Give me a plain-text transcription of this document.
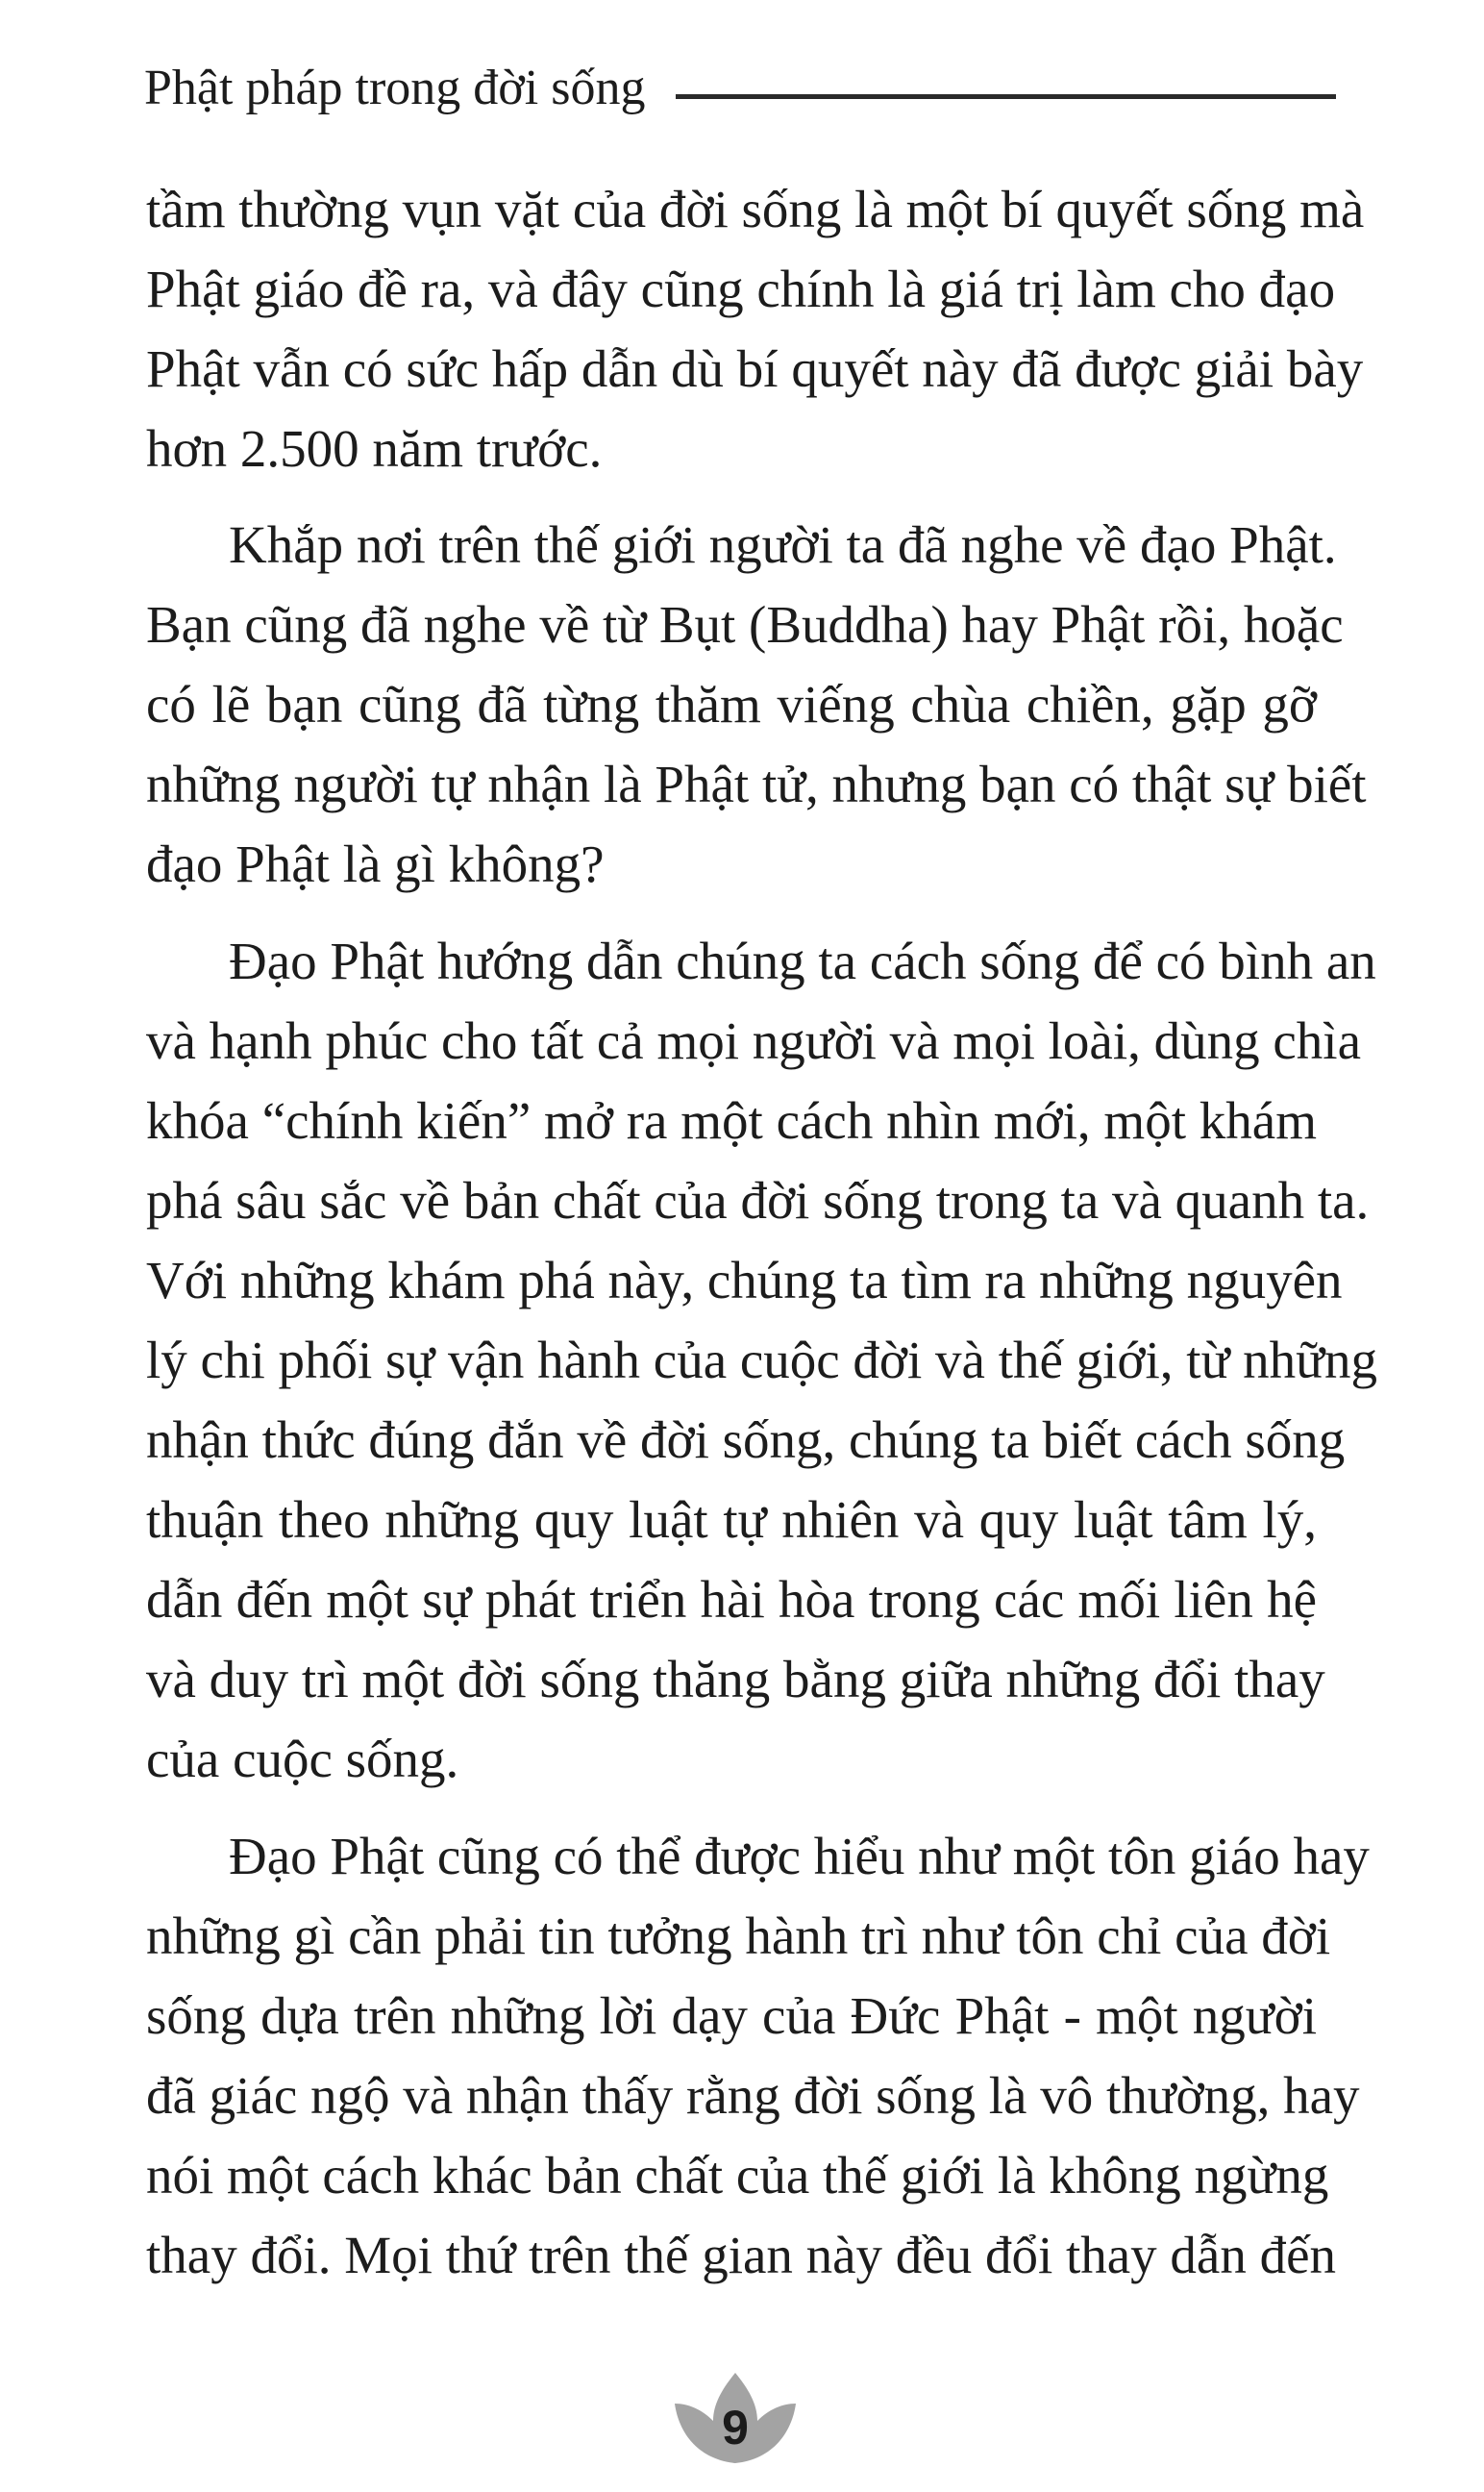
Phật pháp trong đời sống
tầm thường vụn vặt của đời sống là một bí quyết sống mà
Phật giáo đề ra, và đây cũng chính là giá trị làm cho đạo
Phật vẫn có sức hấp dẫn dù bí quyết này đã được giải bày
hơn 2.500 năm trước.
Khắp nơi trên thế giới người ta đã nghe về đạo Phật.
Bạn cũng đã nghe về từ Bụt (Buddha) hay Phật rồi, hoặc
có lẽ bạn cũng đã từng thăm viếng chùa chiền, gặp gỡ
những người tự nhận là Phật tử, nhưng bạn có thật sự biết
đạo Phật là gì không?
Đạo Phật hướng dẫn chúng ta cách sống để có bình an
và hạnh phúc cho tất cả mọi người và mọi loài, dùng chìa
khóa “chính kiến” mở ra một cách nhìn mới, một khám
phá sâu sắc về bản chất của đời sống trong ta và quanh ta.
Với những khám phá này, chúng ta tìm ra những nguyên
lý chi phối sự vận hành của cuộc đời và thế giới, từ những
nhận thức đúng đắn về đời sống, chúng ta biết cách sống
thuận theo những quy luật tự nhiên và quy luật tâm lý,
dẫn đến một sự phát triển hài hòa trong các mối liên hệ
và duy trì một đời sống thăng bằng giữa những đổi thay
của cuộc sống.
Đạo Phật cũng có thể được hiểu như một tôn giáo hay
những gì cần phải tin tưởng hành trì như tôn chỉ của đời
sống dựa trên những lời dạy của Đức Phật - một người
đã giác ngộ và nhận thấy rằng đời sống là vô thường, hay
nói một cách khác bản chất của thế giới là không ngừng
thay đổi. Mọi thứ trên thế gian này đều đổi thay dẫn đến
9
